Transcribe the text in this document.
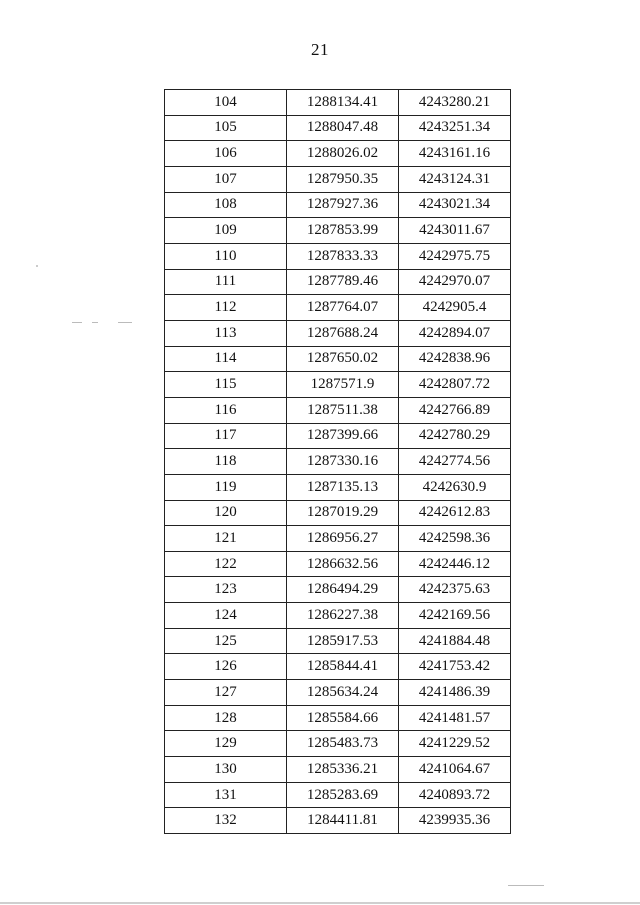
21
104	1288134.41	4243280.21
105	1288047.48	4243251.34
106	1288026.02	4243161.16
107	1287950.35	4243124.31
108	1287927.36	4243021.34
109	1287853.99	4243011.67
110	1287833.33	4242975.75
111	1287789.46	4242970.07
112	1287764.07	4242905.4
113	1287688.24	4242894.07
114	1287650.02	4242838.96
115	1287571.9	4242807.72
116	1287511.38	4242766.89
117	1287399.66	4242780.29
118	1287330.16	4242774.56
119	1287135.13	4242630.9
120	1287019.29	4242612.83
121	1286956.27	4242598.36
122	1286632.56	4242446.12
123	1286494.29	4242375.63
124	1286227.38	4242169.56
125	1285917.53	4241884.48
126	1285844.41	4241753.42
127	1285634.24	4241486.39
128	1285584.66	4241481.57
129	1285483.73	4241229.52
130	1285336.21	4241064.67
131	1285283.69	4240893.72
132	1284411.81	4239935.36
